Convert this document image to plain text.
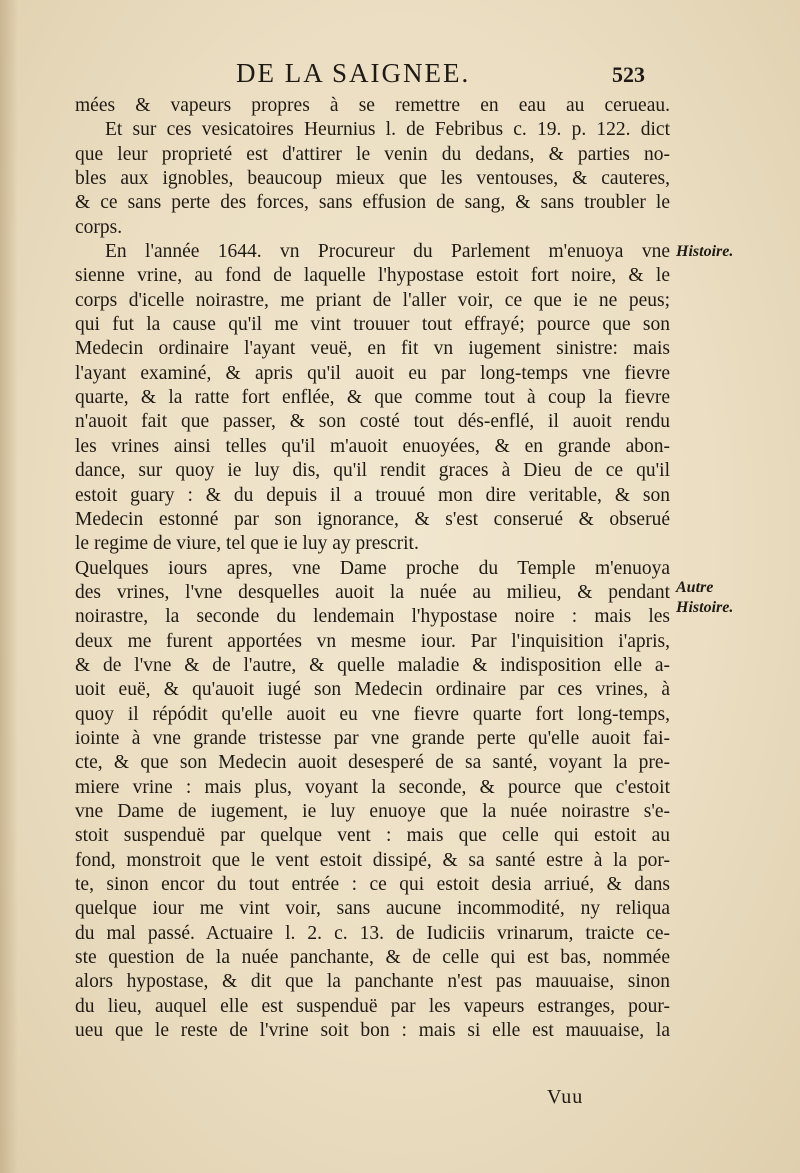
DE LA SAIGNEE.	523
mées & vapeurs propres à se remettre en eau au cerueau.
Et sur ces vesicatoires Heurnius l. de Febribus c. 19. p. 122. dict
que leur proprieté est d'attirer le venin du dedans, & parties no-
bles aux ignobles, beaucoup mieux que les ventouses, & cauteres,
& ce sans perte des forces, sans effusion de sang, & sans troubler le
corps.
En l'année 1644. vn Procureur du Parlement m'enuoya vne
sienne vrine, au fond de laquelle l'hypostase estoit fort noire, & le
corps d'icelle noirastre, me priant de l'aller voir, ce que ie ne peus;
qui fut la cause qu'il me vint trouuer tout effrayé; pource que son
Medecin ordinaire l'ayant veuë, en fit vn iugement sinistre: mais
l'ayant examiné, & apris qu'il auoit eu par long-temps vne fievre
quarte, & la ratte fort enflée, & que comme tout à coup la fievre
n'auoit fait que passer, & son costé tout dés-enflé, il auoit rendu
les vrines ainsi telles qu'il m'auoit enuoyées, & en grande abon-
dance, sur quoy ie luy dis, qu'il rendit graces à Dieu de ce qu'il
estoit guary : & du depuis il a trouué mon dire veritable, & son
Medecin estonné par son ignorance, & s'est conserué & obserué
le regime de viure, tel que ie luy ay prescrit.
Quelques iours apres, vne Dame proche du Temple m'enuoya
des vrines, l'vne desquelles auoit la nuée au milieu, & pendant
noirastre, la seconde du lendemain l'hypostase noire : mais les
deux me furent apportées vn mesme iour. Par l'inquisition i'apris,
& de l'vne & de l'autre, & quelle maladie & indisposition elle a-
uoit euë, & qu'auoit iugé son Medecin ordinaire par ces vrines, à
quoy il répódit qu'elle auoit eu vne fievre quarte fort long-temps,
iointe à vne grande tristesse par vne grande perte qu'elle auoit fai-
cte, & que son Medecin auoit desesperé de sa santé, voyant la pre-
miere vrine : mais plus, voyant la seconde, & pource que c'estoit
vne Dame de iugement, ie luy enuoye que la nuée noirastre s'e-
stoit suspenduë par quelque vent : mais que celle qui estoit au
fond, monstroit que le vent estoit dissipé, & sa santé estre à la por-
te, sinon encor du tout entrée : ce qui estoit desia arriué, & dans
quelque iour me vint voir, sans aucune incommodité, ny reliqua
du mal passé. Actuaire l. 2. c. 13. de Iudiciis vrinarum, traicte ce-
ste question de la nuée panchante, & de celle qui est bas, nommée
alors hypostase, & dit que la panchante n'est pas mauuaise, sinon
du lieu, auquel elle est suspenduë par les vapeurs estranges, pour-
ueu que le reste de l'vrine soit bon : mais si elle est mauuaise, la
Histoire.
Autre Histoire.
Vuu
